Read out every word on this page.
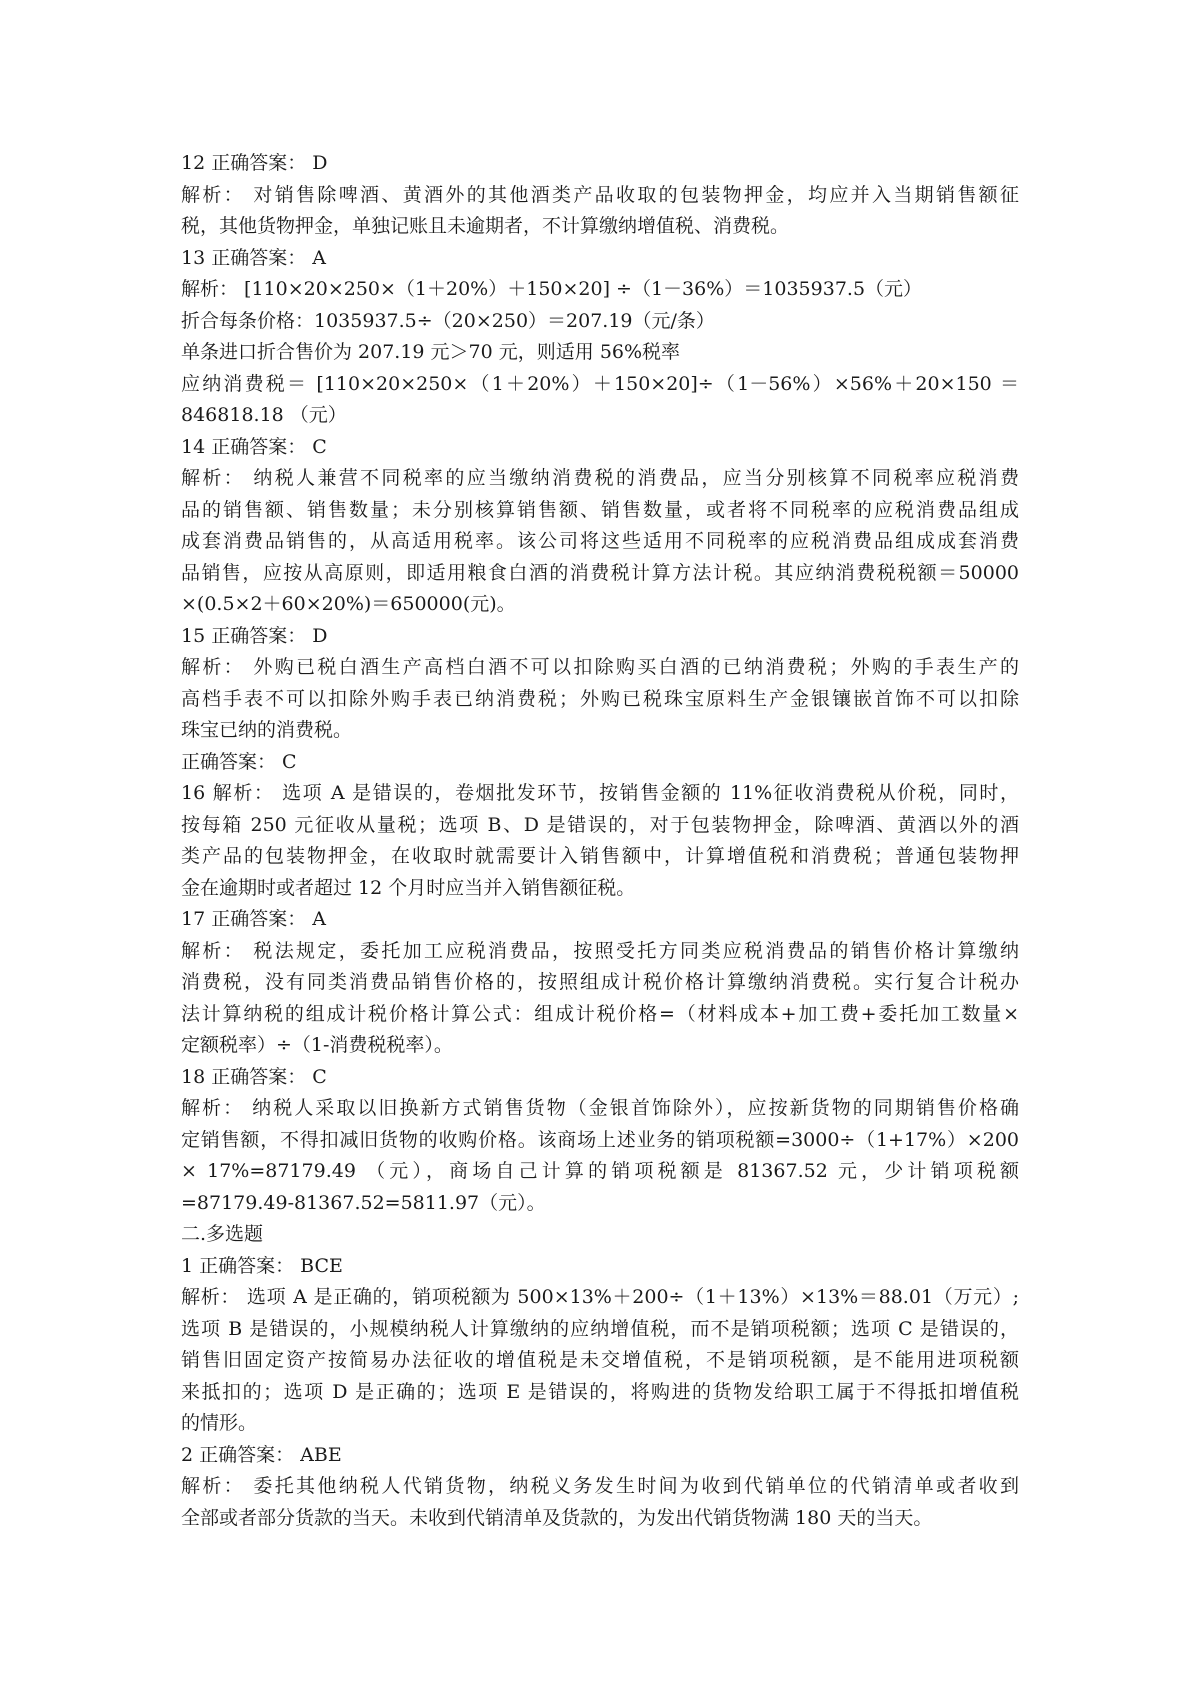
12 正确答案： D
解析： 对销售除啤酒、黄酒外的其他酒类产品收取的包装物押金，均应并入当期销售额征
税，其他货物押金，单独记账且未逾期者，不计算缴纳增值税、消费税。
13 正确答案： A
解析： [110×20×250×（1＋20%）＋150×20] ÷（1－36%）＝1035937.5（元）
折合每条价格：1035937.5÷（20×250）＝207.19（元/条）
单条进口折合售价为 207.19 元＞70 元，则适用 56%税率
应纳消费税＝ [110×20×250×（1＋20%）＋150×20]÷（1－56%）×56%＋20×150 ＝
846818.18 （元）
14 正确答案： C
解析： 纳税人兼营不同税率的应当缴纳消费税的消费品，应当分别核算不同税率应税消费
品的销售额、销售数量；未分别核算销售额、销售数量，或者将不同税率的应税消费品组成
成套消费品销售的，从高适用税率。该公司将这些适用不同税率的应税消费品组成成套消费
品销售，应按从高原则，即适用粮食白酒的消费税计算方法计税。其应纳消费税税额＝50000
×(0.5×2＋60×20%)＝650000(元)。
15 正确答案： D
解析： 外购已税白酒生产高档白酒不可以扣除购买白酒的已纳消费税；外购的手表生产的
高档手表不可以扣除外购手表已纳消费税；外购已税珠宝原料生产金银镶嵌首饰不可以扣除
珠宝已纳的消费税。
正确答案： C
16 解析： 选项 A 是错误的，卷烟批发环节，按销售金额的 11%征收消费税从价税，同时，
按每箱 250 元征收从量税；选项 B、D 是错误的，对于包装物押金，除啤酒、黄酒以外的酒
类产品的包装物押金，在收取时就需要计入销售额中，计算增值税和消费税；普通包装物押
金在逾期时或者超过 12 个月时应当并入销售额征税。
17 正确答案： A
解析： 税法规定，委托加工应税消费品，按照受托方同类应税消费品的销售价格计算缴纳
消费税，没有同类消费品销售价格的，按照组成计税价格计算缴纳消费税。实行复合计税办
法计算纳税的组成计税价格计算公式：组成计税价格=（材料成本+加工费+委托加工数量×
定额税率）÷（1-消费税税率）。
18 正确答案： C
解析： 纳税人采取以旧换新方式销售货物（金银首饰除外），应按新货物的同期销售价格确
定销售额，不得扣减旧货物的收购价格。该商场上述业务的销项税额=3000÷（1+17%）×200
× 17%=87179.49 （元），商场自己计算的销项税额是 81367.52 元，少计销项税额
=87179.49-81367.52=5811.97（元）。
二.多选题
1 正确答案： BCE
解析： 选项 A 是正确的，销项税额为 500×13%＋200÷（1＋13%）×13%＝88.01（万元）;
选项 B 是错误的，小规模纳税人计算缴纳的应纳增值税，而不是销项税额；选项 C 是错误的，
销售旧固定资产按简易办法征收的增值税是未交增值税，不是销项税额，是不能用进项税额
来抵扣的；选项 D 是正确的；选项 E 是错误的，将购进的货物发给职工属于不得抵扣增值税
的情形。
2 正确答案： ABE
解析： 委托其他纳税人代销货物，纳税义务发生时间为收到代销单位的代销清单或者收到
全部或者部分货款的当天。未收到代销清单及货款的，为发出代销货物满 180 天的当天。
